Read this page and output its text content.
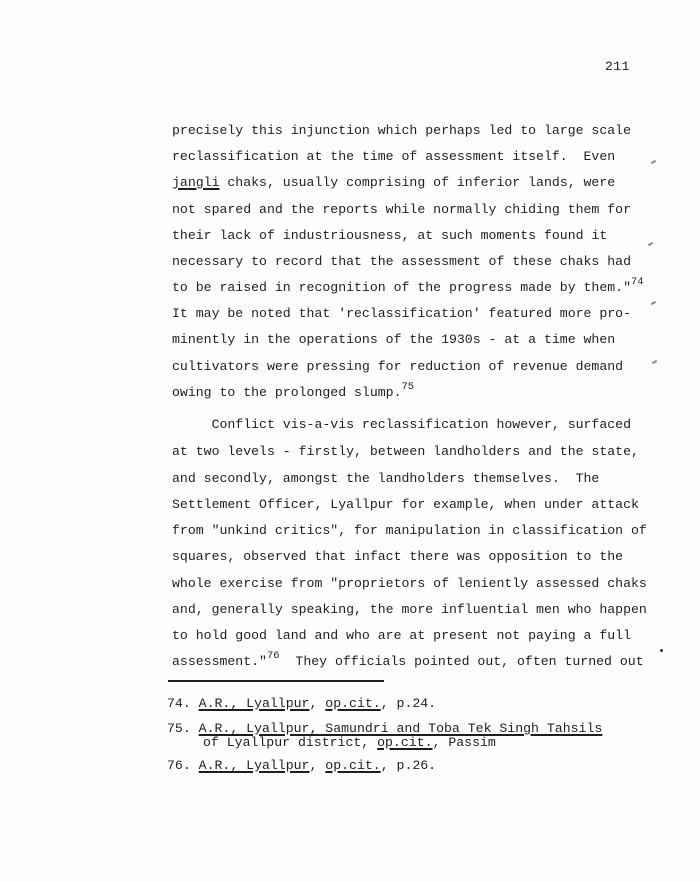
211
precisely this injunction which perhaps led to large scale
reclassification at the time of assessment itself.  Even
jangli chaks, usually comprising of inferior lands, were
not spared and the reports while normally chiding them for
their lack of industriousness, at such moments found it
necessary to record that the assessment of these chaks had
to be raised in recognition of the progress made by them."$^{74}$
It may be noted that 'reclassification' featured more pro-
minently in the operations of the 1930s - at a time when
cultivators were pressing for reduction of revenue demand
owing to the prolonged slump.$^{75}$
Conflict vis-a-vis reclassification however, surfaced
at two levels - firstly, between landholders and the state,
and secondly, amongst the landholders themselves.  The
Settlement Officer, Lyallpur for example, when under attack
from "unkind critics", for manipulation in classification of
squares, observed that infact there was opposition to the
whole exercise from "proprietors of leniently assessed chaks
and, generally speaking, the more influential men who happen
to hold good land and who are at present not paying a full
assessment."$^{76}$  They officials pointed out, often turned out
74. A.R., Lyallpur, op.cit., p.24.
75. A.R., Lyallpur, Samundri and Toba Tek Singh Tahsils
of Lyallpur district, op.cit., Passim
76. A.R., Lyallpur, op.cit., p.26.
